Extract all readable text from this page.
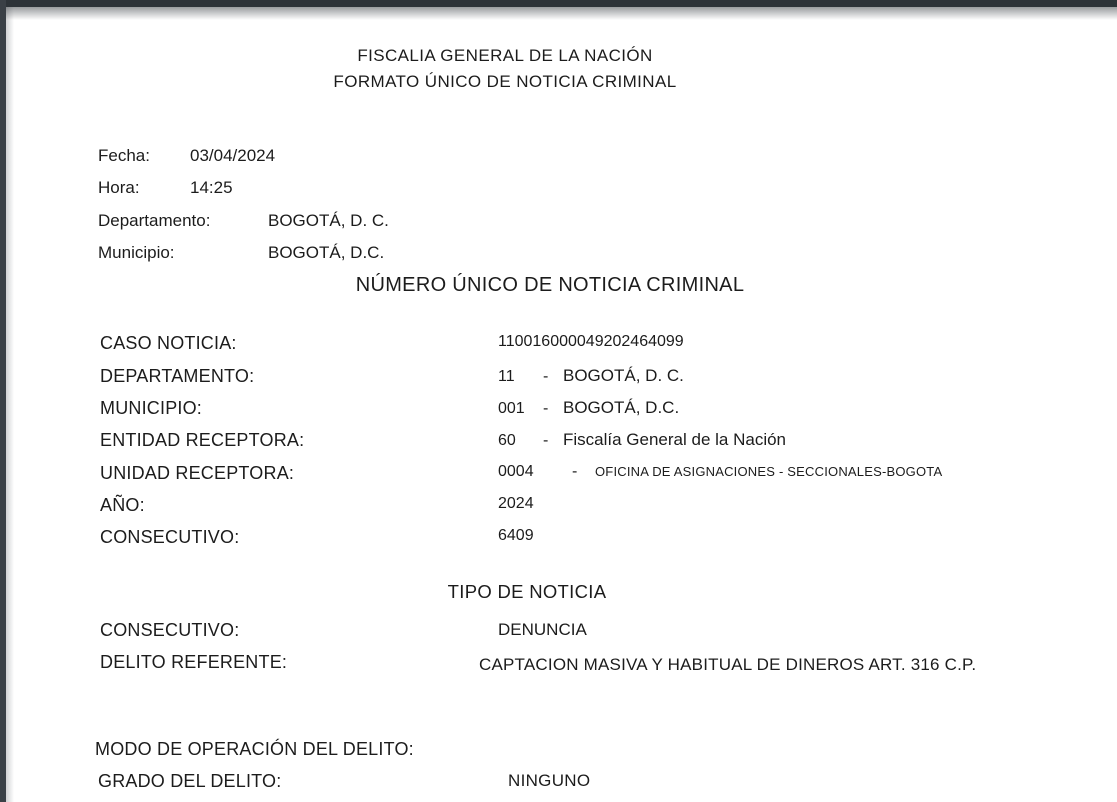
FISCALIA GENERAL DE LA NACIÓN
FORMATO ÚNICO DE NOTICIA CRIMINAL
Fecha: 03/04/2024
Hora:	14:25
Departamento:	BOGOTÁ, D. C.
Municipio:	BOGOTÁ, D.C.
NÚMERO ÚNICO DE NOTICIA CRIMINAL
CASO NOTICIA:	110016000049202464099
DEPARTAMENTO:	11	- BOGOTÁ, D. C.
MUNICIPIO:	001	- BOGOTÁ, D.C.
ENTIDAD RECEPTORA:	60	- Fiscalía General de la Nación
UNIDAD RECEPTORA:	0004	-	OFICINA DE ASIGNACIONES - SECCIONALES-BOGOTA
AÑO:	2024
CONSECUTIVO:	6409
TIPO DE NOTICIA
CONSECUTIVO:	DENUNCIA
DELITO REFERENTE:	CAPTACION MASIVA Y HABITUAL DE DINEROS ART. 316 C.P.
MODO DE OPERACIÓN DEL DELITO:
GRADO DEL DELITO:	NINGUNO
